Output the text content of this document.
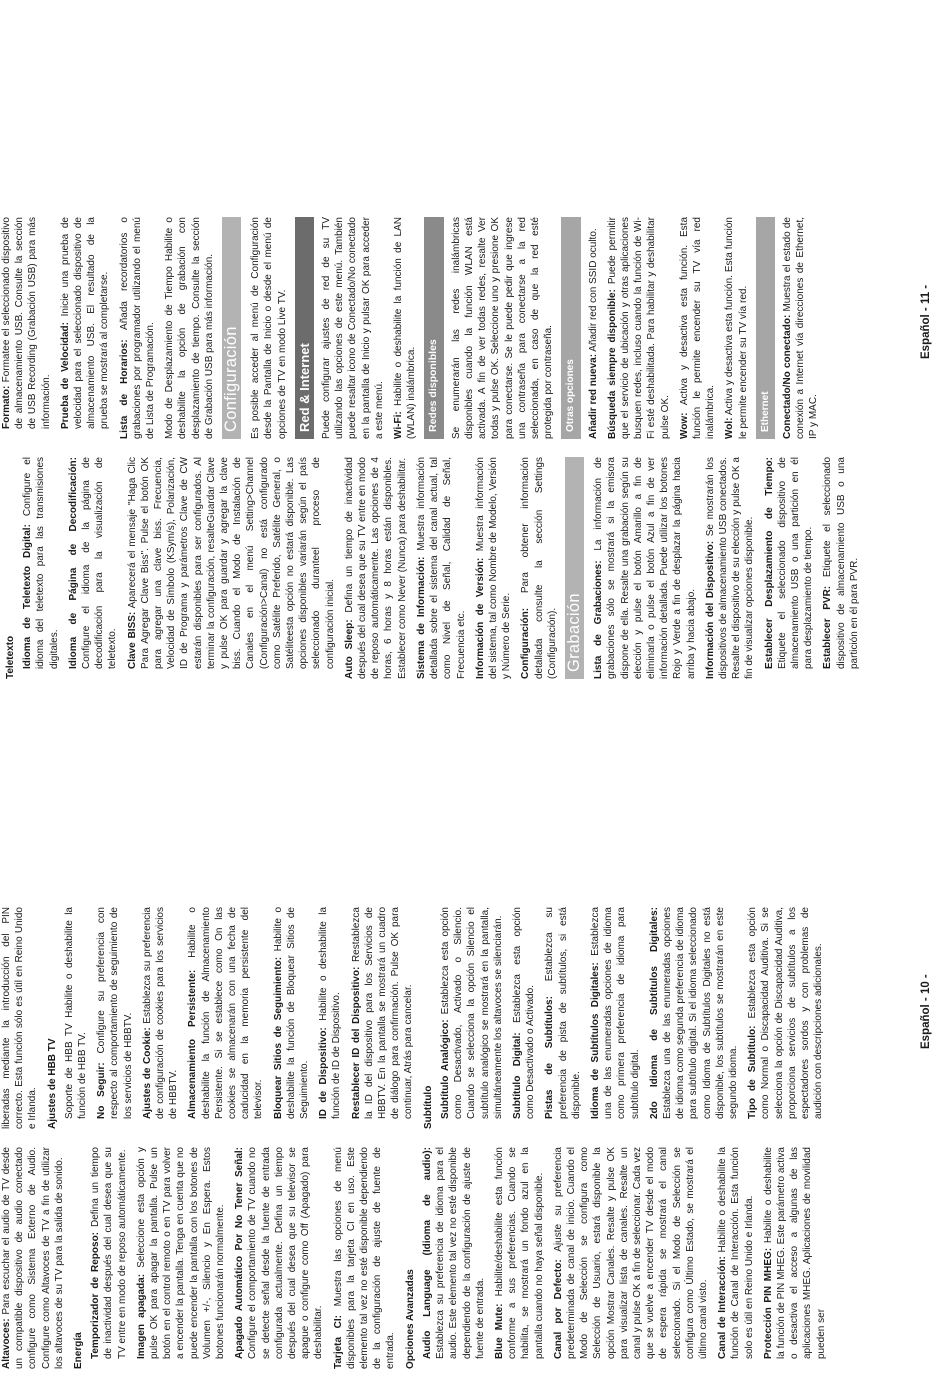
Altavoces: Para escuchar el audio de TV desde un compatible dispositivo de audio conectado configure como Sistema Externo de Audio. Configure como Altavoces de TV a fin de utilizar los altavoces de su TV para la salida de sonido. Energía Temporizador de Reposo: Defina un tiempo de inactividad después del cual desea que su TV entre en modo de reposo automáticamente. Imagen apagada: Seleccione esta opción y pulse OK para apagar la pantalla. Pulse un botón en el control remoto o en TV para volver a encender la pantalla. Tenga en cuenta que no puede encender la pantalla con los botones de Volumen +/-, Silencio y En Espera. Estos botones funcionarán normalmente. Apagado Automático Por No Tener Señal: Configure el comportamiento de TV cuando no se detecte señal desde la fuente de entrada configurada actualmente. Defina un tiempo después del cual desea que su televisor se apague o configure como Off (Apagado) para deshabilitar. Tarjeta CI: Muestra las opciones de menú disponibles para la tarjeta CI en uso. Este elemento tal vez no esté disponible dependiendo de la configuración de ajuste de fuente de entrada. Opciones Avanzadas Audio Language (Idioma de audio): Establezca su preferencia de idioma para el audio. Este elemento tal vez no esté disponible dependiendo de la configuración de ajuste de fuente de entrada. Blue Mute: Habilite/deshabilite esta función conforme a sus preferencias. Cuando se habilita, se mostrará un fondo azul en la pantalla cuando no haya señal disponible. Canal por Defecto: Ajuste su preferencia predeterminada de canal de inicio. Cuando el Modo de Selección se configura como Selección de Usuario, estará disponible la opción Mostrar Canales. Resalte y pulse OK para visualizar lista de canales. Resalte un canal y pulse OK a fin de seleccionar. Cada vez que se vuelve a encender TV desde el modo de espera rápida se mostrará el canal seleccionado. Si el Modo de Selección se configura como Último Estado, se mostrará el último canal visto. Canal de Interacción: Habilite o deshabilite la función de Canal de Interacción. Esta función solo es útil en Reino Unido e Irlanda. Protección PIN MHEG: Habilite o deshabilite la función de PIN MHEG. Este parámetro activa o desactiva el acceso a algunas de las aplicaciones MHEG. Aplicaciones de movilidad pueden ser

liberadas mediante la introducción del PIN correcto. Esta función sólo es útil en Reino Unido e Irlanda. Ajustes de HBB TV Soporte de HBB TV Habilite o deshabilite la función de HBB TV. No Seguir: Configure su preferencia con respecto al comportamiento de seguimiento de los servicios de HBBTV. Ajustes de Cookie: Establezca su preferencia de configuración de cookies para los servicios de HBBTV. Almacenamiento Persistente: Habilite o deshabilite la función de Almacenamiento Persistente. Si se establece como On las cookies se almacenarán con una fecha de caducidad en la memoria persistente del televisor. Bloquear Sitios de Seguimiento: Habilite o deshabilite la función de Bloquear Sitios de Seguimiento. ID de Dispositivo: Habilite o deshabilite la función de ID de Dispositivo. Restablecer ID del Dispositivo: Restablezca la ID del dispositivo para los Servicios de HBBTV. En la pantalla se mostrará un cuadro de diálogo para confirmación. Pulse OK para continuar, Atrás para cancelar. Subtítulo Subtítulo Analógico: Establezca esta opción como Desactivado, Activado o Silencio. Cuando se selecciona la opción Silencio el subtítulo analógico se mostrará en la pantalla, simultáneamente los altavoces se silenciarán. Subtítulo Digital: Establezca esta opción como Desactivado o Activado. Pistas de Subtítulos: Establezca su preferencia de pista de subtítulos, si está disponible. Idioma de Subtítulos Digitales: Establezca una de las enumeradas opciones de idioma como primera preferencia de idioma para subtítulo digital. 2do Idioma de Subtítulos Digitales: Establezca una de las enumeradas opciones de idioma como segunda preferencia de idioma para subtítulo digital. Si el idioma seleccionado como Idioma de Subtítulos Digitales no está disponible, los subtítulos se mostrarán en este segundo idioma. Tipo de Subtítulo: Establezca esta opción como Normal o Discapacidad Auditiva. Si se selecciona la opción de Discapacidad Auditiva, proporciona servicios de subtítulos a los espectadores sordos y con problemas de audición con descripciones adicionales.	Español - 10 -
Teletexto Idioma de Teletexto Digital: Configure el idioma del teletexto para las transmisiones digitales. Idioma de Página de Decodificación: Configure el idioma de la página de decodificación para la visualización de teletexto. Clave BISS: Aparecerá el mensaje "Haga Clic Para Agregar Clave Biss". Pulse el botón OK para agregar una clave biss. Frecuencia, Velocidad de Símbolo (KSym/s), Polarización, ID de Programa y parámetros Clave de CW estarán disponibles para ser configurados. Al terminar la configuración, resalteGuardar Clave y pulse OK para guardar y agregar la clave biss. Cuando el Modo de Instalación de Canales en el menú Setting>Channel (Configuración>Canal) no está configurado como Satélite Preferido, Satélite General, o Satéliteesta opción no estará disponible. Las opciones disponibles variarán según el país seleccionado duranteel proceso de configuración inicial. Auto Sleep: Defina un tiempo de inactividad después del cual desea que su TV entre en modo de reposo automáticamente. Las opciones de 4 horas, 6 horas y 8 horas están disponibles. Establecer como Never (Nunca) para deshabilitar. Sistema de Información: Muestra información detallada sobre el sistema del canal actual, tal como Nivel de Señal, Calidad de Señal, Frecuencia etc. Información de Versión: Muestra información del sistema, tal como Nombre de Modelo, Versión y Número de Serie. Configuración: Para obtener información detallada consulte la sección Settings (Configuración). Grabación Lista de Grabaciones: La información de grabaciones sólo se mostrará si la emisora dispone de ella. Resalte una grabación según su elección y pulse el botón Amarillo a fin de eliminarla o pulse el botón Azul a fin de ver información detallada. Puede utilizar los botones Rojo y Verde a fin de desplazar la página hacia arriba y hacia abajo. Información del Dispositivo: Se mostrarán los dispositivos de almacenamiento USB conectados. Resalte el dispositivo de su elección y pulse OK a fin de visualizar opciones disponible. Establecer Desplazamiento de Tiempo: Etiquete el seleccionado dispositivo de almacenamiento USB o una partición en él para desplazamiento de tiempo. Establecer PVR: Etiquete el seleccionado dispositivo de almacenamiento USB o una partición en él para PVR.

Formato: Formatee el seleccionado dispositivo de almacenamiento USB. Consulte la sección de USB Recording (Grabación USB) para más información. Prueba de Velocidad: Inicie una prueba de velocidad para el seleccionado dispositivo de almacenamiento USB. El resultado de la prueba se mostrará al completarse. Lista de Horarios: Añada recordatorios o grabaciones por programador utilizando el menú de Lista de Programación. Modo de Desplazamiento de Tiempo Habilite o deshabilite la opción de grabación con desplazamiento de tiempo. Consulte la sección de Grabación USB para más información. Configuración Es posible acceder al menú de Configuración desde la Pantalla de Inicio o desde el menú de opciones de TV en modo Live TV. Red & Internet Puede configurar ajustes de red de su TV utilizando las opciones de este menú. También puede resaltar icono de Conectado/No conectado en la pantalla de Inicio y pulsar OK para acceder a este menú. Wi-Fi: Habilite o deshabilite la función de LAN (WLAN) inalámbrica. Redes disponibles	Se enumerarán las redes inalámbricas disponibles cuando la función WLAN está activada. A fin de ver todas redes, resalte Ver todas y pulse OK. Seleccione uno y presione OK para conectarse. Se le puede pedir que ingrese una contraseña para conectarse a la red seleccionada, en caso de que la red esté protegida por contraseña.	Otras opciones	Añadir red nueva: Añadir red con SSID oculto. Búsqueda siempre disponible: Puede permitir que el servicio de ubicación y otras aplicaciones busquen redes, incluso cuando la función de Wi-Fi esté deshabilitada. Para habilitar y deshabilitar pulse OK. Wow: Activa y desactiva esta función. Esta función le permite encender su TV vía red inalámbrica. Wol: Activa y desactiva esta función. Esta función le permite encender su TV vía red.	Ethernet	Conectado/No conectado: Muestra el estado de conexión a Internet vía direcciones de Ethernet, IP y MAC.

Español - 11 -
